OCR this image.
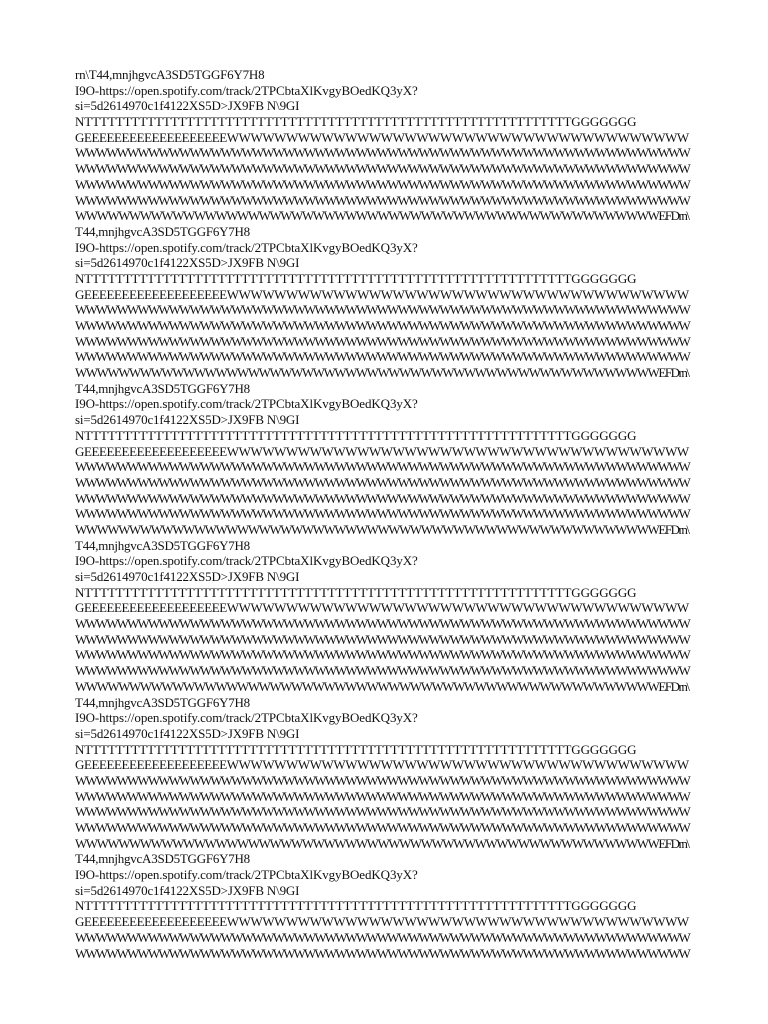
rn\T44,mnjhgvcA3SD5TGGF6Y7H8
I9O-https://open.spotify.com/track/2TPCbtaXlKvgyBOedKQ3yX?
si=5d2614970c1f4122XS5D>JX9FB N\9GI
NTTTTTTTTTTTTTTTTTTTTTTTTTTTTTTTTTTTTTTTTTTTTTTTTTTTTTTTTTTTTTTGGGGGGG
GEEEEEEEEEEEEEEEEEEEWWWWWWWWWWWWWWWWWWWWWWWWWWWWWWWWWWWWWWW
WWWWWWWWWWWWWWWWWWWWWWWWWWWWWWWWWWWWWWWWWWWWWWWWWWWWWWWWWWW
WWWWWWWWWWWWWWWWWWWWWWWWWWWWWWWWWWWWWWWWWWWWWWWWWWWWWWWWWWW
WWWWWWWWWWWWWWWWWWWWWWWWWWWWWWWWWWWWWWWWWWWWWWWWWWWWWWWWWWW
WWWWWWWWWWWWWWWWWWWWWWWWWWWWWWWWWWWWWWWWWWWWWWWWWWWWWWWWWWW
WWWWWWWWWWWWWWWWWWWWWWWWWWWWWWWWWWWWWWWWWWWWWWWWWWWWWWEFDrn\
T44,mnjhgvcA3SD5TGGF6Y7H8
I9O-https://open.spotify.com/track/2TPCbtaXlKvgyBOedKQ3yX?
si=5d2614970c1f4122XS5D>JX9FB N\9GI
NTTTTTTTTTTTTTTTTTTTTTTTTTTTTTTTTTTTTTTTTTTTTTTTTTTTTTTTTTTTTTTGGGGGGG
GEEEEEEEEEEEEEEEEEEEWWWWWWWWWWWWWWWWWWWWWWWWWWWWWWWWWWWWWWW
WWWWWWWWWWWWWWWWWWWWWWWWWWWWWWWWWWWWWWWWWWWWWWWWWWWWWWWWWWW
WWWWWWWWWWWWWWWWWWWWWWWWWWWWWWWWWWWWWWWWWWWWWWWWWWWWWWWWWWW
WWWWWWWWWWWWWWWWWWWWWWWWWWWWWWWWWWWWWWWWWWWWWWWWWWWWWWWWWWW
WWWWWWWWWWWWWWWWWWWWWWWWWWWWWWWWWWWWWWWWWWWWWWWWWWWWWWWWWWW
WWWWWWWWWWWWWWWWWWWWWWWWWWWWWWWWWWWWWWWWWWWWWWWWWWWWWWEFDrn\
T44,mnjhgvcA3SD5TGGF6Y7H8
I9O-https://open.spotify.com/track/2TPCbtaXlKvgyBOedKQ3yX?
si=5d2614970c1f4122XS5D>JX9FB N\9GI
NTTTTTTTTTTTTTTTTTTTTTTTTTTTTTTTTTTTTTTTTTTTTTTTTTTTTTTTTTTTTTTGGGGGGG
GEEEEEEEEEEEEEEEEEEEWWWWWWWWWWWWWWWWWWWWWWWWWWWWWWWWWWWWWWW
WWWWWWWWWWWWWWWWWWWWWWWWWWWWWWWWWWWWWWWWWWWWWWWWWWWWWWWWWWW
WWWWWWWWWWWWWWWWWWWWWWWWWWWWWWWWWWWWWWWWWWWWWWWWWWWWWWWWWWW
WWWWWWWWWWWWWWWWWWWWWWWWWWWWWWWWWWWWWWWWWWWWWWWWWWWWWWWWWWW
WWWWWWWWWWWWWWWWWWWWWWWWWWWWWWWWWWWWWWWWWWWWWWWWWWWWWWWWWWW
WWWWWWWWWWWWWWWWWWWWWWWWWWWWWWWWWWWWWWWWWWWWWWWWWWWWWWEFDrn\
T44,mnjhgvcA3SD5TGGF6Y7H8
I9O-https://open.spotify.com/track/2TPCbtaXlKvgyBOedKQ3yX?
si=5d2614970c1f4122XS5D>JX9FB N\9GI
NTTTTTTTTTTTTTTTTTTTTTTTTTTTTTTTTTTTTTTTTTTTTTTTTTTTTTTTTTTTTTTGGGGGGG
GEEEEEEEEEEEEEEEEEEEWWWWWWWWWWWWWWWWWWWWWWWWWWWWWWWWWWWWWWW
WWWWWWWWWWWWWWWWWWWWWWWWWWWWWWWWWWWWWWWWWWWWWWWWWWWWWWWWWWW
WWWWWWWWWWWWWWWWWWWWWWWWWWWWWWWWWWWWWWWWWWWWWWWWWWWWWWWWWWW
WWWWWWWWWWWWWWWWWWWWWWWWWWWWWWWWWWWWWWWWWWWWWWWWWWWWWWWWWWW
WWWWWWWWWWWWWWWWWWWWWWWWWWWWWWWWWWWWWWWWWWWWWWWWWWWWWWWWWWW
WWWWWWWWWWWWWWWWWWWWWWWWWWWWWWWWWWWWWWWWWWWWWWWWWWWWWWEFDrn\
T44,mnjhgvcA3SD5TGGF6Y7H8
I9O-https://open.spotify.com/track/2TPCbtaXlKvgyBOedKQ3yX?
si=5d2614970c1f4122XS5D>JX9FB N\9GI
NTTTTTTTTTTTTTTTTTTTTTTTTTTTTTTTTTTTTTTTTTTTTTTTTTTTTTTTTTTTTTTGGGGGGG
GEEEEEEEEEEEEEEEEEEEWWWWWWWWWWWWWWWWWWWWWWWWWWWWWWWWWWWWWWW
WWWWWWWWWWWWWWWWWWWWWWWWWWWWWWWWWWWWWWWWWWWWWWWWWWWWWWWWWWW
WWWWWWWWWWWWWWWWWWWWWWWWWWWWWWWWWWWWWWWWWWWWWWWWWWWWWWWWWWW
WWWWWWWWWWWWWWWWWWWWWWWWWWWWWWWWWWWWWWWWWWWWWWWWWWWWWWWWWWW
WWWWWWWWWWWWWWWWWWWWWWWWWWWWWWWWWWWWWWWWWWWWWWWWWWWWWWWWWWW
WWWWWWWWWWWWWWWWWWWWWWWWWWWWWWWWWWWWWWWWWWWWWWWWWWWWWWEFDrn\
T44,mnjhgvcA3SD5TGGF6Y7H8
I9O-https://open.spotify.com/track/2TPCbtaXlKvgyBOedKQ3yX?
si=5d2614970c1f4122XS5D>JX9FB N\9GI
NTTTTTTTTTTTTTTTTTTTTTTTTTTTTTTTTTTTTTTTTTTTTTTTTTTTTTTTTTTTTTTGGGGGGG
GEEEEEEEEEEEEEEEEEEEWWWWWWWWWWWWWWWWWWWWWWWWWWWWWWWWWWWWWWW
WWWWWWWWWWWWWWWWWWWWWWWWWWWWWWWWWWWWWWWWWWWWWWWWWWWWWWWWWWW
WWWWWWWWWWWWWWWWWWWWWWWWWWWWWWWWWWWWWWWWWWWWWWWWWWWWWWWWWWW
